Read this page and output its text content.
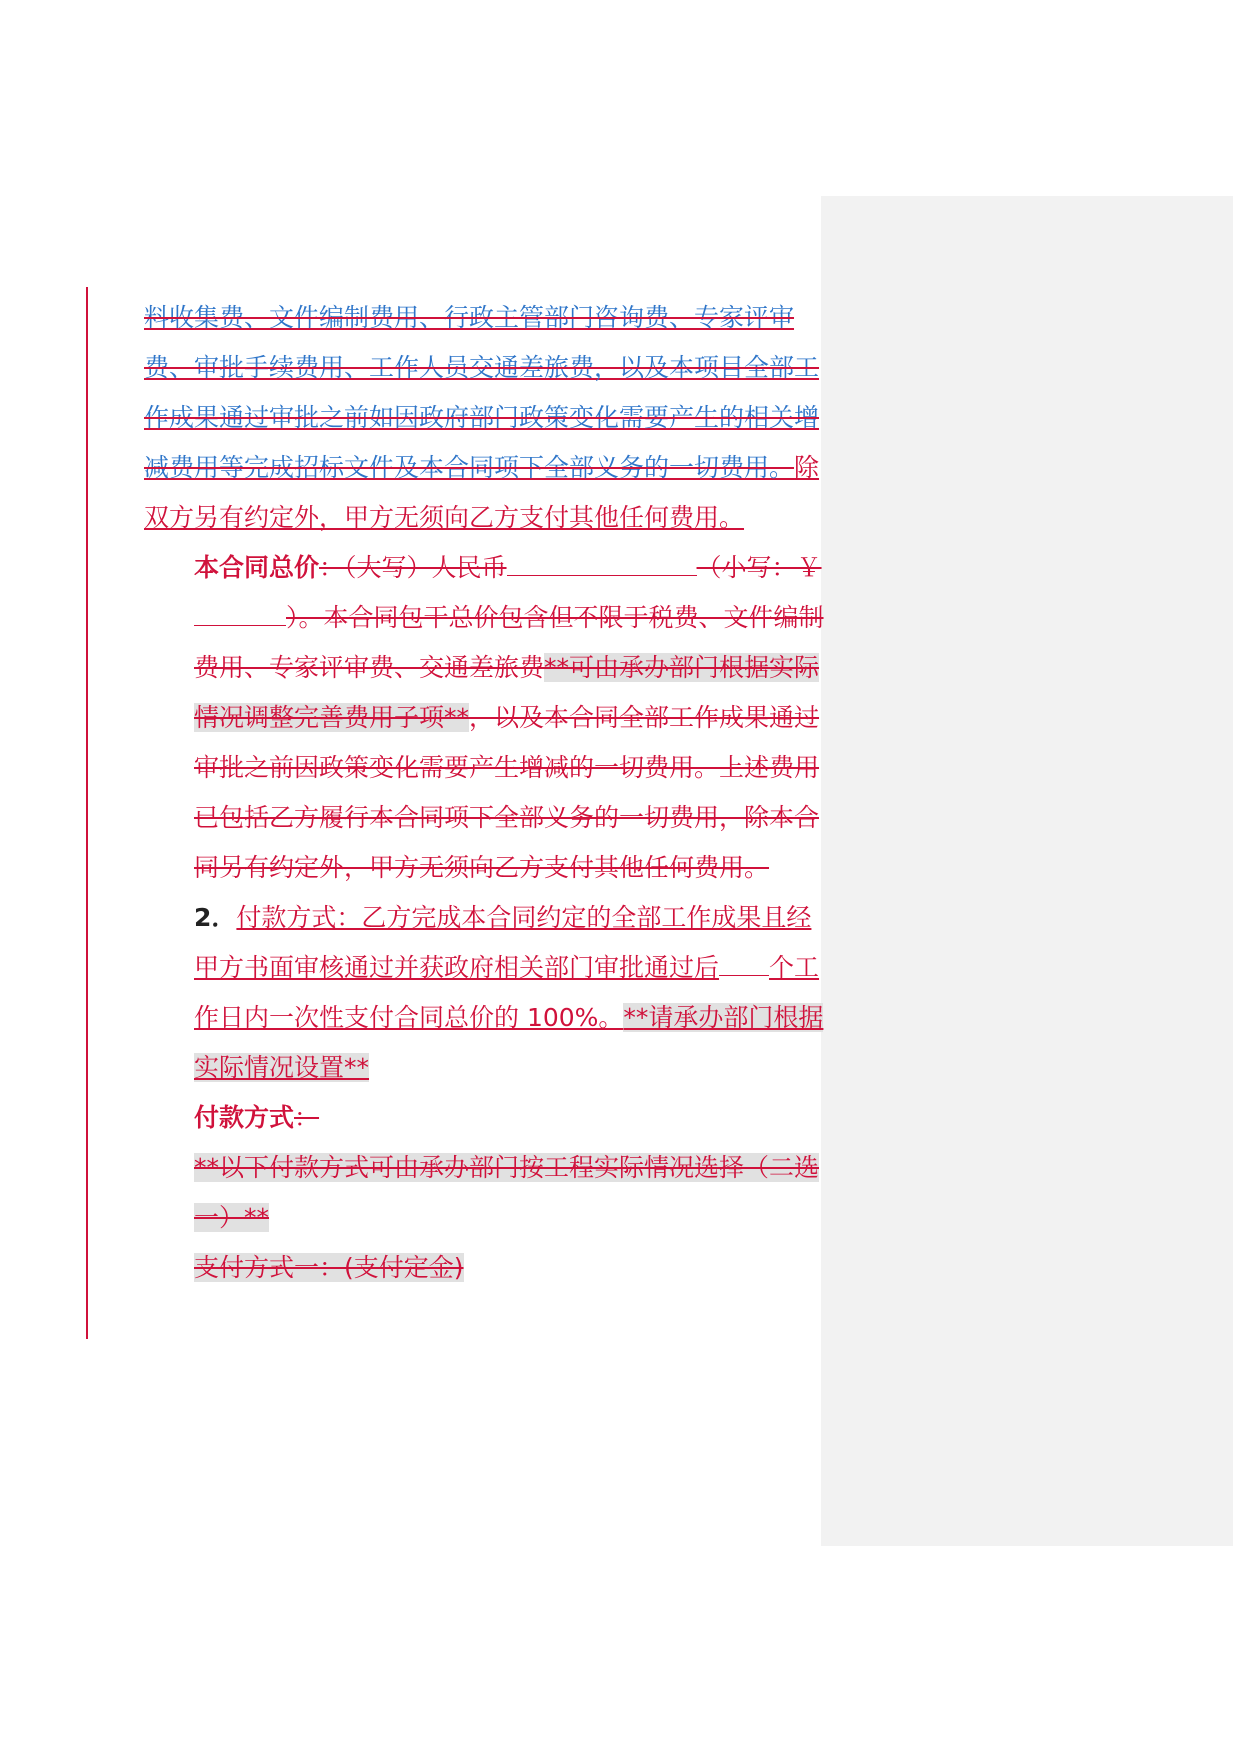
料收集费、文件编制费用、行政主管部门咨询费、专家评审费、审批手续费用、工作人员交通差旅费，以及本项目全部工作成果通过审批之前如因政府部门政策变化需要产生的相关增减费用等完成招标文件及本合同项下全部义务的一切费用。除双方另有约定外，甲方无须向乙方支付其他任何费用。

本合同总价：（大写）人民币	（小写：￥）。本合同包干总价包含但不限于税费、文件编制费用、专家评审费、交通差旅费**可由承办部门根据实际情况调整完善费用子项**，以及本合同全部工作成果通过审批之前因政策变化需要产生增减的一切费用。上述费用已包括乙方履行本合同项下全部义务的一切费用，除本合同另有约定外，甲方无须向乙方支付其他任何费用。

2．付款方式：乙方完成本合同约定的全部工作成果且经甲方书面审核通过并获政府相关部门审批通过后 个工作日内一次性支付合同总价的 100%。**请承办部门根据实际情况设置**

付款方式：

**以下付款方式可由承办部门按工程实际情况选择（二选一）**

支付方式一：(支付定金)
